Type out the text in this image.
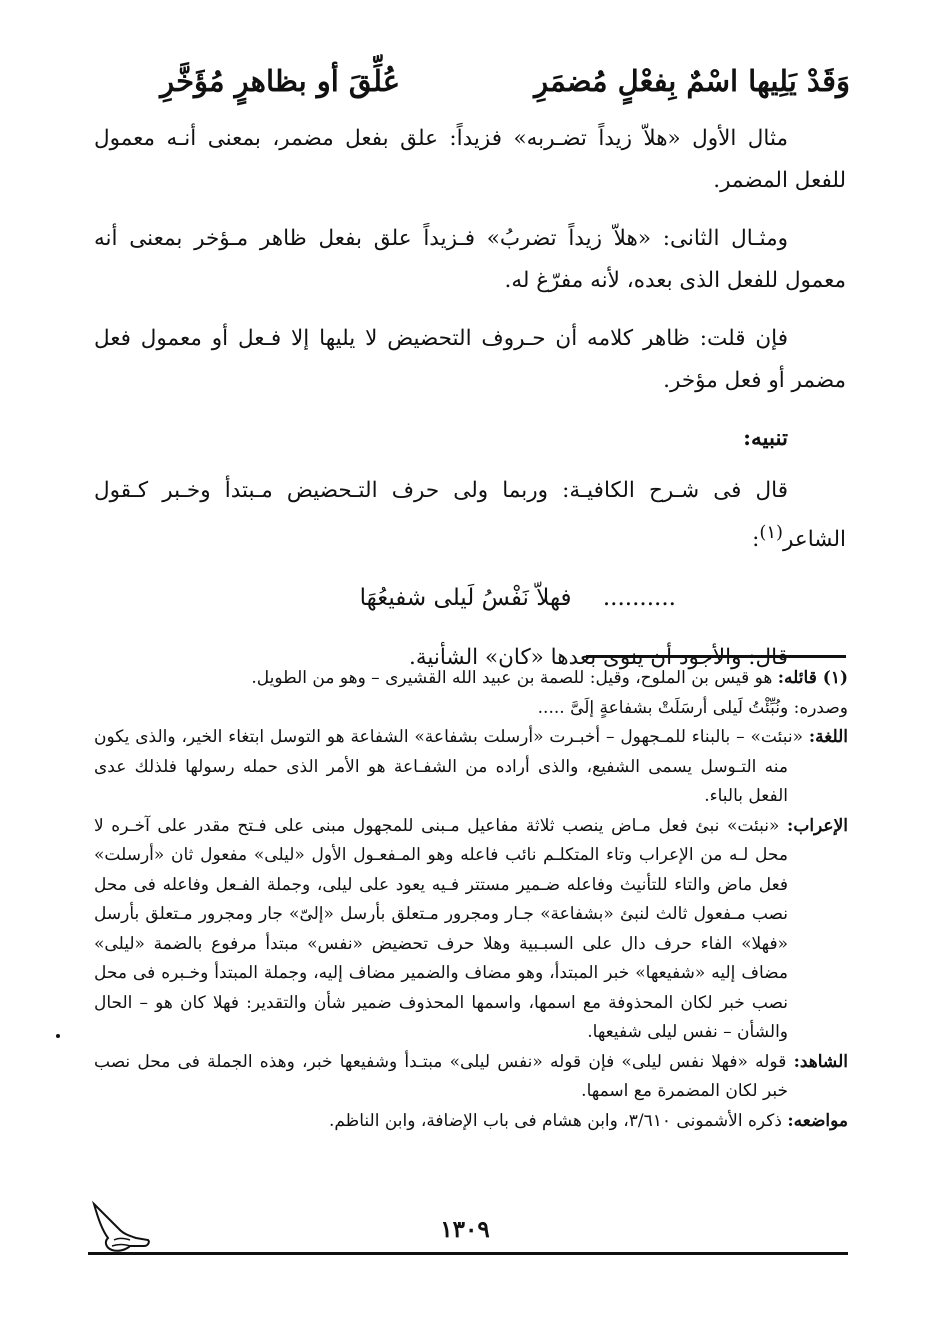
وَقَدْ يَلِيها اسْمٌ بِفعْلٍ مُضمَرِ
عُلِّقَ أو بظاهرٍ مُؤَخَّرِ

مثال الأول «هلاّ زيداً تضـربه» فزيداً: علق بفعل مضمر، بمعنى أنـه معمول للفعل المضمر.

ومثـال الثانى: «هلاّ زيداً تضربُ» فـزيداً علق بفعل ظاهر مـؤخر بمعنى أنه معمول للفعل الذى بعده، لأنه مفرّغ له.

فإن قلت: ظاهر كلامه أن حـروف التحضيض لا يليها إلا فـعل أو معمول فعل مضمر أو فعل مؤخر.

تنبيه:

قال فى شـرح الكافيـة: وربما ولى حرف التـحضيض مـبتدأ وخـبر كـقول الشاعر$^{(١)}$:

.......... فهلاّ نَفْسُ لَيلى شفيعُهَا

قال: والأجود أن ينوى بعدها «كان» الشأنية.

(١) قائله: هو قيس بن الملوح، وقيل: للصمة بن عبيد الله القشيرى – وهو من الطويل.

وصدره: ونُبِّئْتُ لَيلى أرسَلَتْ بشفاعةٍ إلَىَّ .....

اللغة: «نبئت» – بالبناء للمـجهول – أخبـرت «أرسلت بشفاعة» الشفاعة هو التوسل ابتغاء الخير، والذى يكون منه التـوسل يسمى الشفيع، والذى أراده من الشفـاعة هو الأمر الذى حمله رسولها فلذلك عدى الفعل بالباء.

الإعراب: «نبئت» نبئ فعل مـاض ينصب ثلاثة مفاعيل مـبنى للمجهول مبنى على فـتح مقدر على آخـره لا محل لـه من الإعراب وتاء المتكلـم نائب فاعله وهو المـفعـول الأول «ليلى» مفعول ثان «أرسلت» فعل ماض والتاء للتأنيث وفاعله ضـمير مستتر فـيه يعود على ليلى، وجملة الفـعل وفاعله فى محل نصب مـفعول ثالث لنبئ «بشفاعة» جـار ومجرور مـتعلق بأرسل «إلىّ» جار ومجرور مـتعلق بأرسل «فهلا» الفاء حرف دال على السبـبية وهلا حرف تحضيض «نفس» مبتدأ مرفوع بالضمة «ليلى» مضاف إليه «شفيعها» خبر المبتدأ، وهو مضاف والضمير مضاف إليه، وجملة المبتدأ وخـبره فى محل نصب خبر لكان المحذوفة مع اسمها، واسمها المحذوف ضمير شأن والتقدير: فهلا كان هو – الحال والشأن – نفس ليلى شفيعها.

الشاهد: قوله «فهلا نفس ليلى» فإن قوله «نفس ليلى» مبتـدأ وشفيعها خبر، وهذه الجملة فى محل نصب خبر لكان المضمرة مع اسمها.

مواضعه: ذكره الأشمونى ٣/٦١٠، وابن هشام فى باب الإضافة، وابن الناظم.

١٣٠٩
